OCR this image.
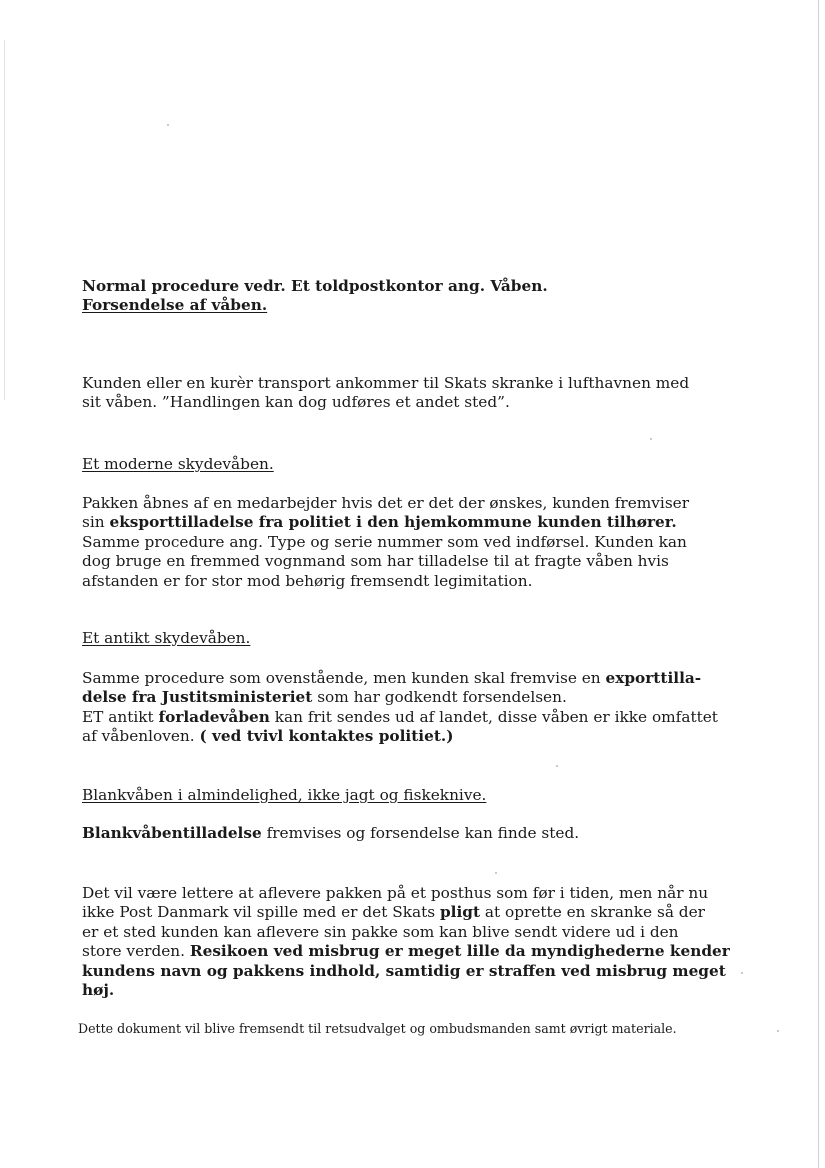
Normal procedure vedr. Et toldpostkontor ang. Våben.
Forsendelse af våben.
Kunden eller en kurèr transport ankommer til Skats skranke i lufthavnen med
sit våben. ”Handlingen kan dog udføres et andet sted”.
Et moderne skydevåben.
Pakken åbnes af en medarbejder hvis det er det der ønskes, kunden fremviser
sin eksporttilladelse fra politiet i den hjemkommune kunden tilhører.
Samme procedure ang. Type og serie nummer som ved indførsel. Kunden kan
dog bruge en fremmed vognmand som har tilladelse til at fragte våben hvis
afstanden er for stor mod behørig fremsendt legimitation.
Et antikt skydevåben.
Samme procedure som ovenstående, men kunden skal fremvise en exporttilla-
delse fra Justitsministeriet som har godkendt forsendelsen.
ET antikt forladevåben kan frit sendes ud af landet, disse våben er ikke omfattet
af våbenloven. ( ved tvivl kontaktes politiet.)
Blankvåben i almindelighed, ikke jagt og fiskeknive.
Blankvåbentilladelse fremvises og forsendelse kan finde sted.
Det vil være lettere at aflevere pakken på et posthus som før i tiden, men når nu
ikke Post Danmark vil spille med er det Skats pligt at oprette en skranke så der
er et sted kunden kan aflevere sin pakke som kan blive sendt videre ud i den
store verden. Resikoen ved misbrug er meget lille da myndighederne kender
kundens navn og pakkens indhold, samtidig er straffen ved misbrug meget
høj.
Dette dokument vil blive fremsendt til retsudvalget og ombudsmanden samt øvrigt materiale.
